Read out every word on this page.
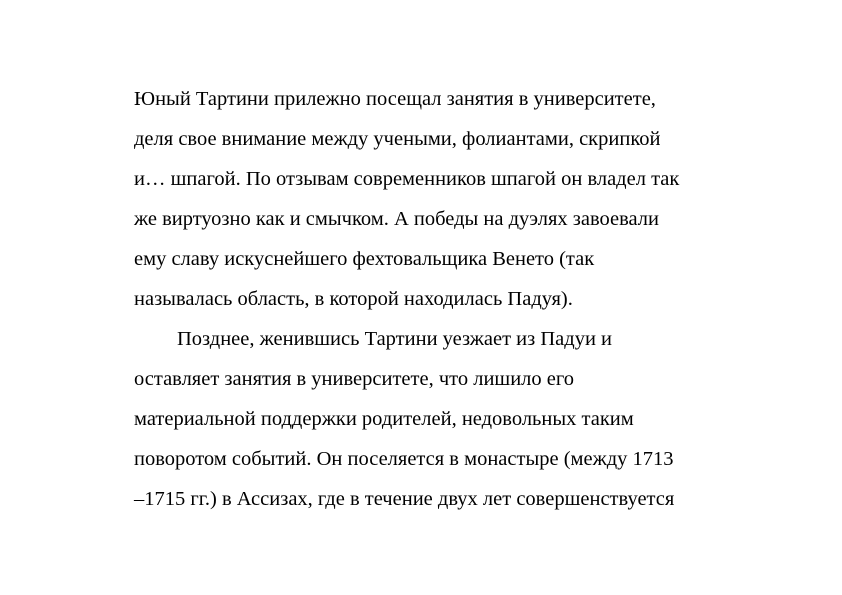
Юный Тартини прилежно посещал занятия в университете,
деля свое внимание между учеными, фолиантами, скрипкой
и… шпагой. По отзывам современников шпагой он владел так
же виртуозно как и смычком. А победы на дуэлях завоевали
ему славу искуснейшего фехтовальщика Венето (так
называлась область, в которой находилась Падуя).
Позднее, женившись Тартини уезжает из Падуи и
оставляет занятия в университете, что лишило его
материальной поддержки родителей, недовольных таким
поворотом событий. Он поселяется в монастыре (между 1713
–1715 гг.) в Ассизах, где в течение двух лет совершенствуется
